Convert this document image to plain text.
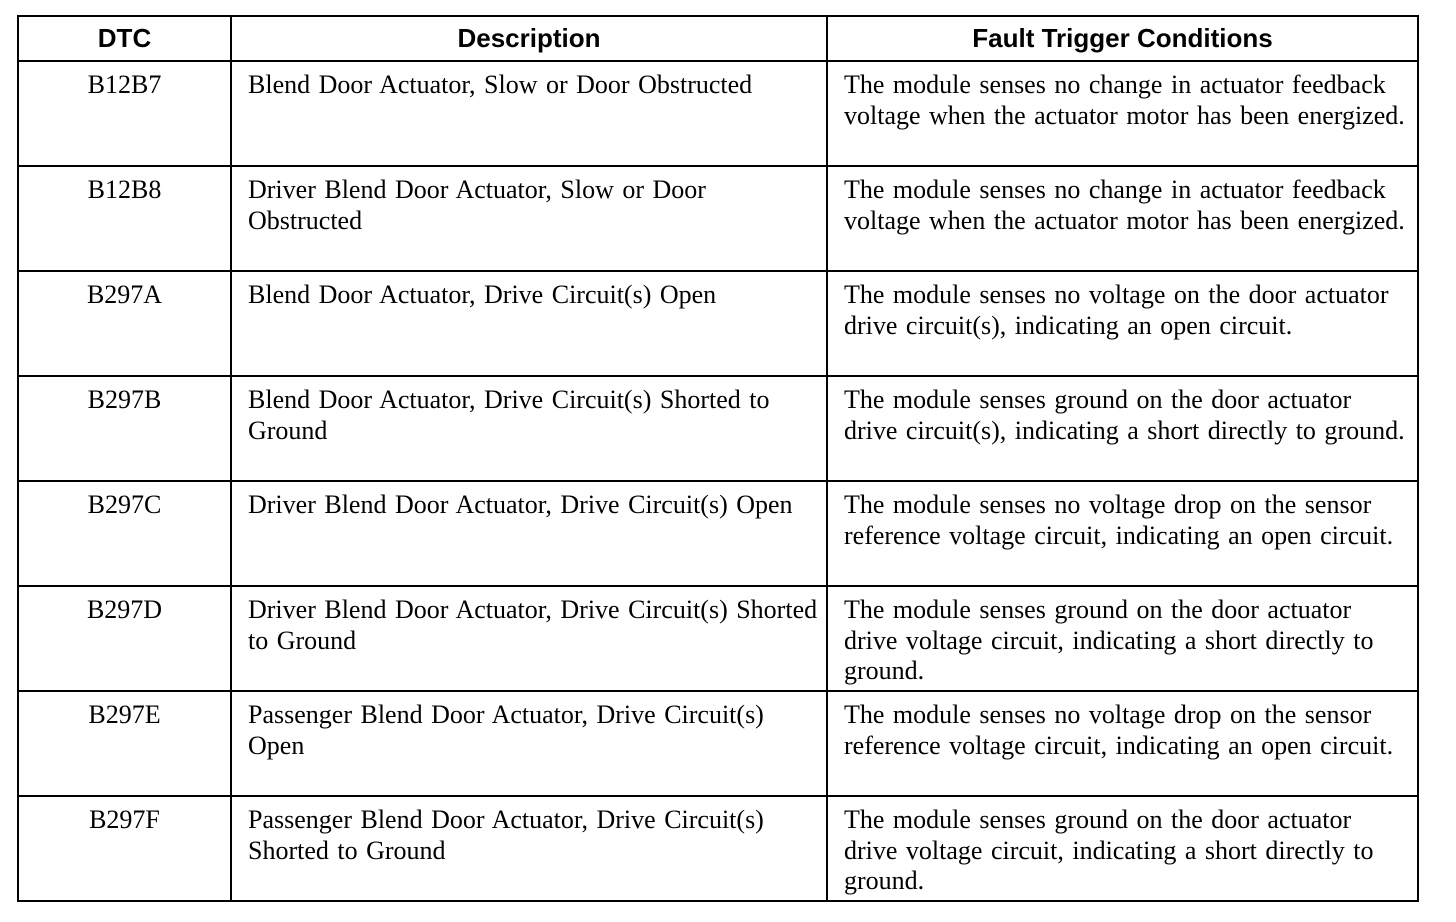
DTC	Description	Fault Trigger Conditions
B12B7	Blend Door Actuator, Slow or Door Obstructed	The module senses no change in actuator feedback voltage when the actuator motor has been energized.
B12B8	Driver Blend Door Actuator, Slow or Door Obstructed	The module senses no change in actuator feedback voltage when the actuator motor has been energized.
B297A	Blend Door Actuator, Drive Circuit(s) Open	The module senses no voltage on the door actuator drive circuit(s), indicating an open circuit.
B297B	Blend Door Actuator, Drive Circuit(s) Shorted to Ground	The module senses ground on the door actuator drive circuit(s), indicating a short directly to ground.
B297C	Driver Blend Door Actuator, Drive Circuit(s) Open	The module senses no voltage drop on the sensor reference voltage circuit, indicating an open circuit.
B297D	Driver Blend Door Actuator, Drive Circuit(s) Shorted to Ground	The module senses ground on the door actuator drive voltage circuit, indicating a short directly to ground.
B297E	Passenger Blend Door Actuator, Drive Circuit(s) Open	The module senses no voltage drop on the sensor reference voltage circuit, indicating an open circuit.
B297F	Passenger Blend Door Actuator, Drive Circuit(s) Shorted to Ground	The module senses ground on the door actuator drive voltage circuit, indicating a short directly to ground.
